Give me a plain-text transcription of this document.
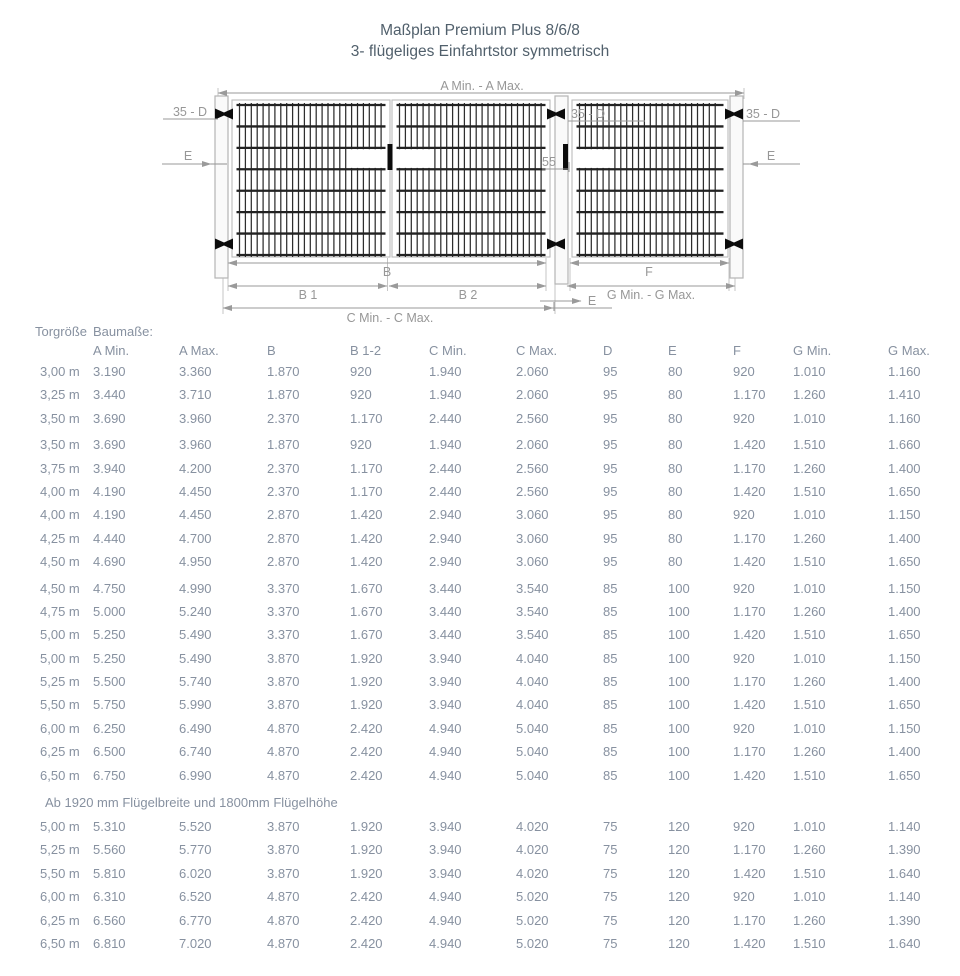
Maßplan Premium Plus 8/6/8
3- flügeliges Einfahrtstor symmetrisch
A Min. - A Max.
35 - D	35 - D	35 - D
E	E
55
B
B 1	B 2
C Min. - C Max.
F
G Min. - G Max.
E
Torgröße Baumaße:
A Min.	A Max.	B	B 1-2	C Min.	C Max.	D	E	F	G Min.	G Max.
3,00 m	3.190	3.360	1.870	920	1.940	2.060	95	80	920	1.010	1.160
3,25 m	3.440	3.710	1.870	920	1.940	2.060	95	80	1.170	1.260	1.410
3,50 m	3.690	3.960	2.370	1.170	2.440	2.560	95	80	920	1.010	1.160
3,50 m	3.690	3.960	1.870	920	1.940	2.060	95	80	1.420	1.510	1.660
3,75 m	3.940	4.200	2.370	1.170	2.440	2.560	95	80	1.170	1.260	1.400
4,00 m	4.190	4.450	2.370	1.170	2.440	2.560	95	80	1.420	1.510	1.650
4,00 m	4.190	4.450	2.870	1.420	2.940	3.060	95	80	920	1.010	1.150
4,25 m	4.440	4.700	2.870	1.420	2.940	3.060	95	80	1.170	1.260	1.400
4,50 m	4.690	4.950	2.870	1.420	2.940	3.060	95	80	1.420	1.510	1.650
4,50 m	4.750	4.990	3.370	1.670	3.440	3.540	85	100	920	1.010	1.150
4,75 m	5.000	5.240	3.370	1.670	3.440	3.540	85	100	1.170	1.260	1.400
5,00 m	5.250	5.490	3.370	1.670	3.440	3.540	85	100	1.420	1.510	1.650
5,00 m	5.250	5.490	3.870	1.920	3.940	4.040	85	100	920	1.010	1.150
5,25 m	5.500	5.740	3.870	1.920	3.940	4.040	85	100	1.170	1.260	1.400
5,50 m	5.750	5.990	3.870	1.920	3.940	4.040	85	100	1.420	1.510	1.650
6,00 m	6.250	6.490	4.870	2.420	4.940	5.040	85	100	920	1.010	1.150
6,25 m	6.500	6.740	4.870	2.420	4.940	5.040	85	100	1.170	1.260	1.400
6,50 m	6.750	6.990	4.870	2.420	4.940	5.040	85	100	1.420	1.510	1.650
Ab 1920 mm Flügelbreite und 1800mm Flügelhöhe
5,00 m	5.310	5.520	3.870	1.920	3.940	4.020	75	120	920	1.010	1.140
5,25 m	5.560	5.770	3.870	1.920	3.940	4.020	75	120	1.170	1.260	1.390
5,50 m	5.810	6.020	3.870	1.920	3.940	4.020	75	120	1.420	1.510	1.640
6,00 m	6.310	6.520	4.870	2.420	4.940	5.020	75	120	920	1.010	1.140
6,25 m	6.560	6.770	4.870	2.420	4.940	5.020	75	120	1.170	1.260	1.390
6,50 m	6.810	7.020	4.870	2.420	4.940	5.020	75	120	1.420	1.510	1.640
